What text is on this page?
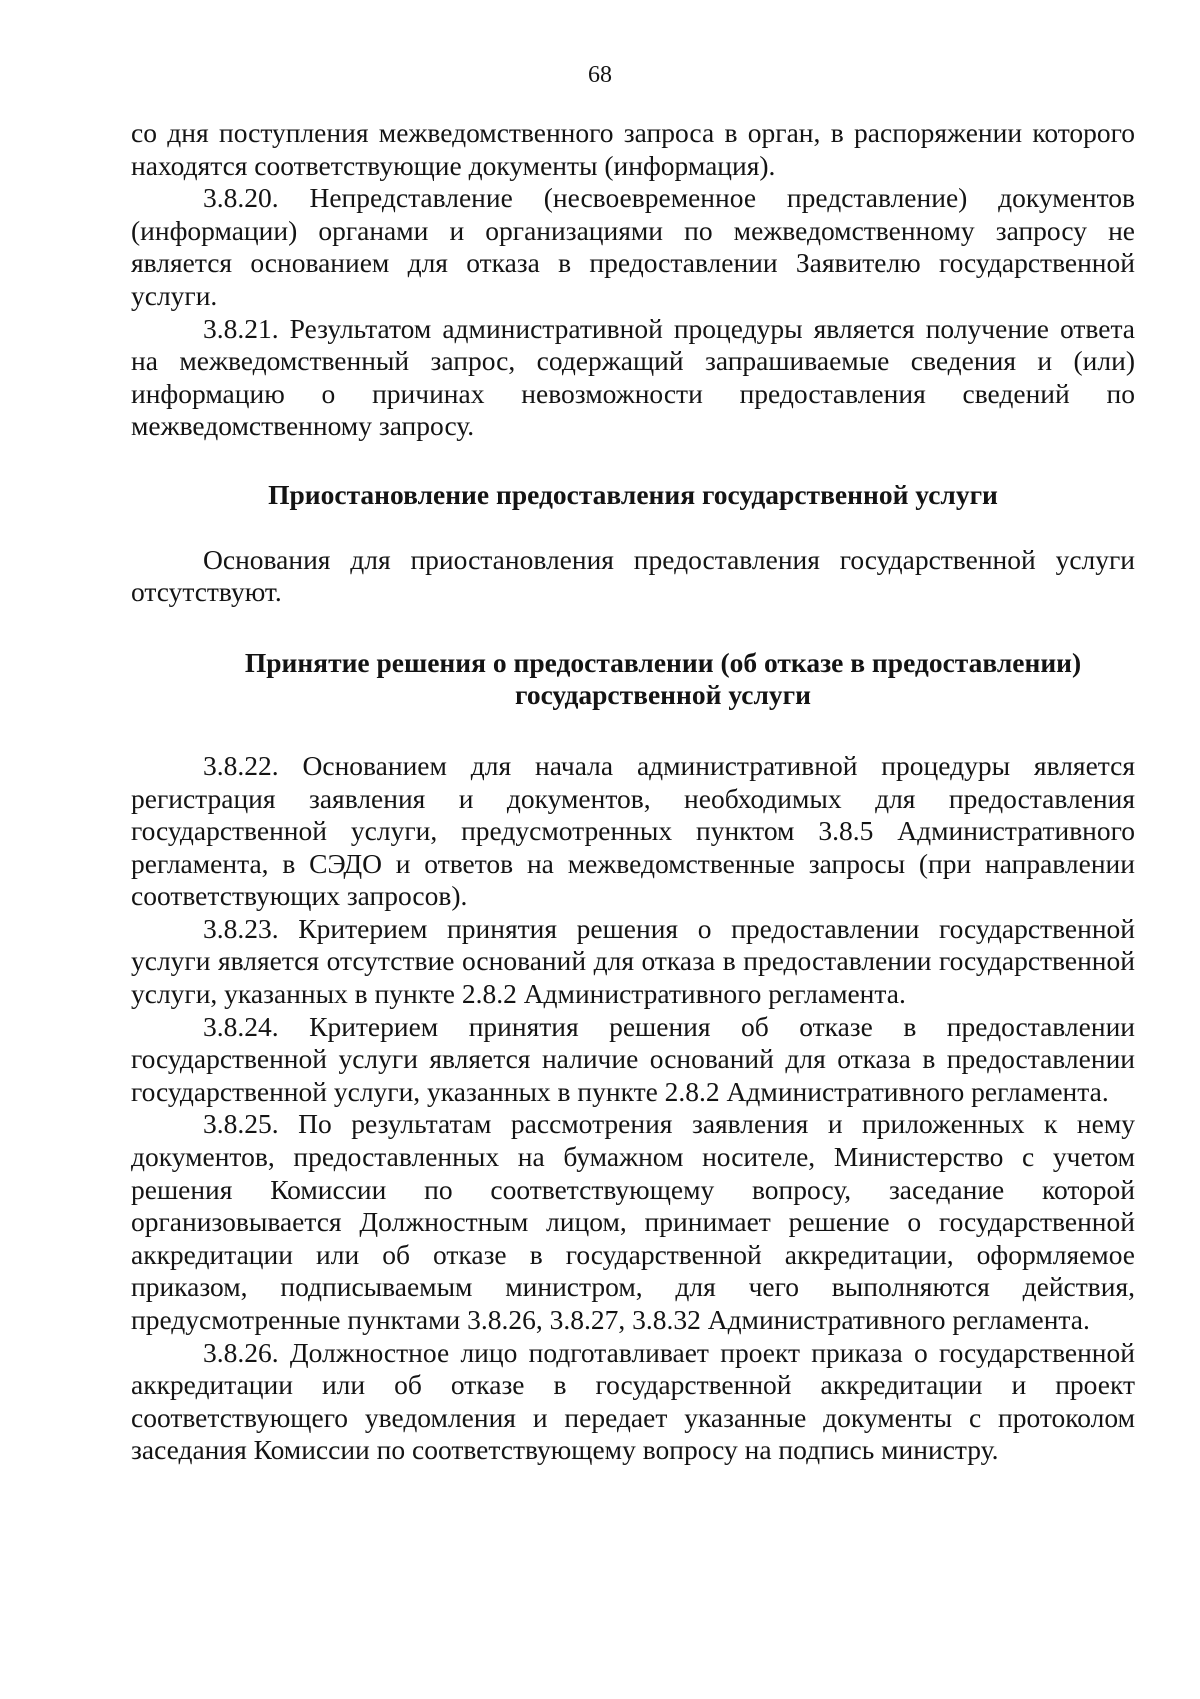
68

со дня поступления межведомственного запроса в орган, в распоряжении которого находятся соответствующие документы (информация).

3.8.20. Непредставление (несвоевременное представление) документов (информации) органами и организациями по межведомственному запросу не является основанием для отказа в предоставлении Заявителю государственной услуги.

3.8.21. Результатом административной процедуры является получение ответа на межведомственный запрос, содержащий запрашиваемые сведения и (или) информацию о причинах невозможности предоставления сведений по межведомственному запросу.

Приостановление предоставления государственной услуги

Основания для приостановления предоставления государственной услуги отсутствуют.

Принятие решения о предоставлении (об отказе в предоставлении)
государственной услуги

3.8.22. Основанием для начала административной процедуры является регистрация заявления и документов, необходимых для предоставления государственной услуги, предусмотренных пунктом 3.8.5 Административного регламента, в СЭДО и ответов на межведомственные запросы (при направлении соответствующих запросов).

3.8.23. Критерием принятия решения о предоставлении государственной услуги является отсутствие оснований для отказа в предоставлении государственной услуги, указанных в пункте 2.8.2 Административного регламента.

3.8.24. Критерием принятия решения об отказе в предоставлении государственной услуги является наличие оснований для отказа в предоставлении государственной услуги, указанных в пункте 2.8.2 Административного регламента.

3.8.25. По результатам рассмотрения заявления и приложенных к нему документов, предоставленных на бумажном носителе, Министерство с учетом решения Комиссии по соответствующему вопросу, заседание которой организовывается Должностным лицом, принимает решение о государственной аккредитации или об отказе в государственной аккредитации, оформляемое приказом, подписываемым министром, для чего выполняются действия, предусмотренные пунктами 3.8.26, 3.8.27, 3.8.32 Административного регламента.

3.8.26. Должностное лицо подготавливает проект приказа о государственной аккредитации или об отказе в государственной аккредитации и проект соответствующего уведомления и передает указанные документы с протоколом заседания Комиссии по соответствующему вопросу на подпись министру.
